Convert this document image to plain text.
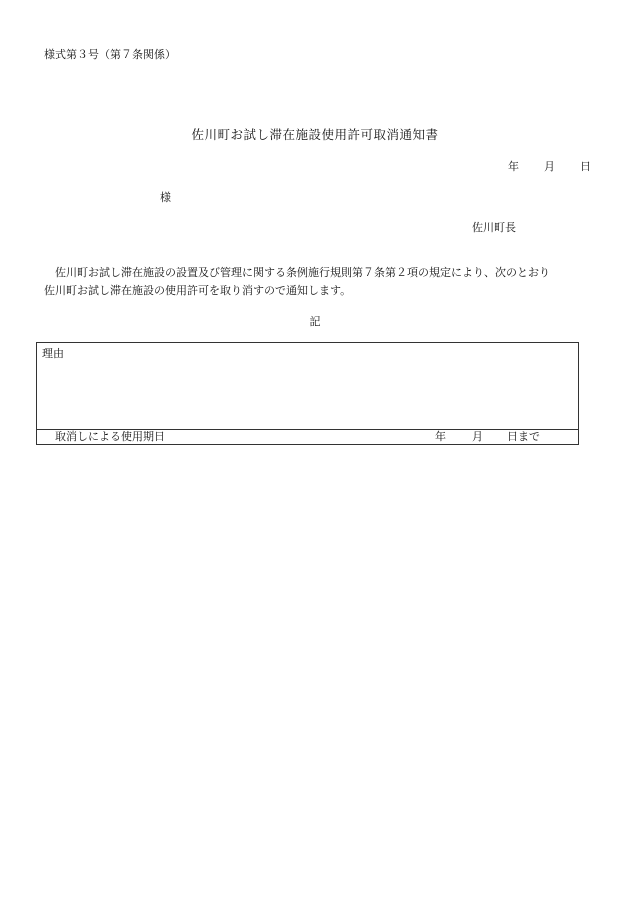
様式第３号（第７条関係）
佐川町お試し滞在施設使用許可取消通知書
年 月 日
様
佐川町長
佐川町お試し滞在施設の設置及び管理に関する条例施行規則第７条第２項の規定により、次のとおり
佐川町お試し滞在施設の使用許可を取り消すので通知します。
記
理由
取消しによる使用期日	年 月 日まで
